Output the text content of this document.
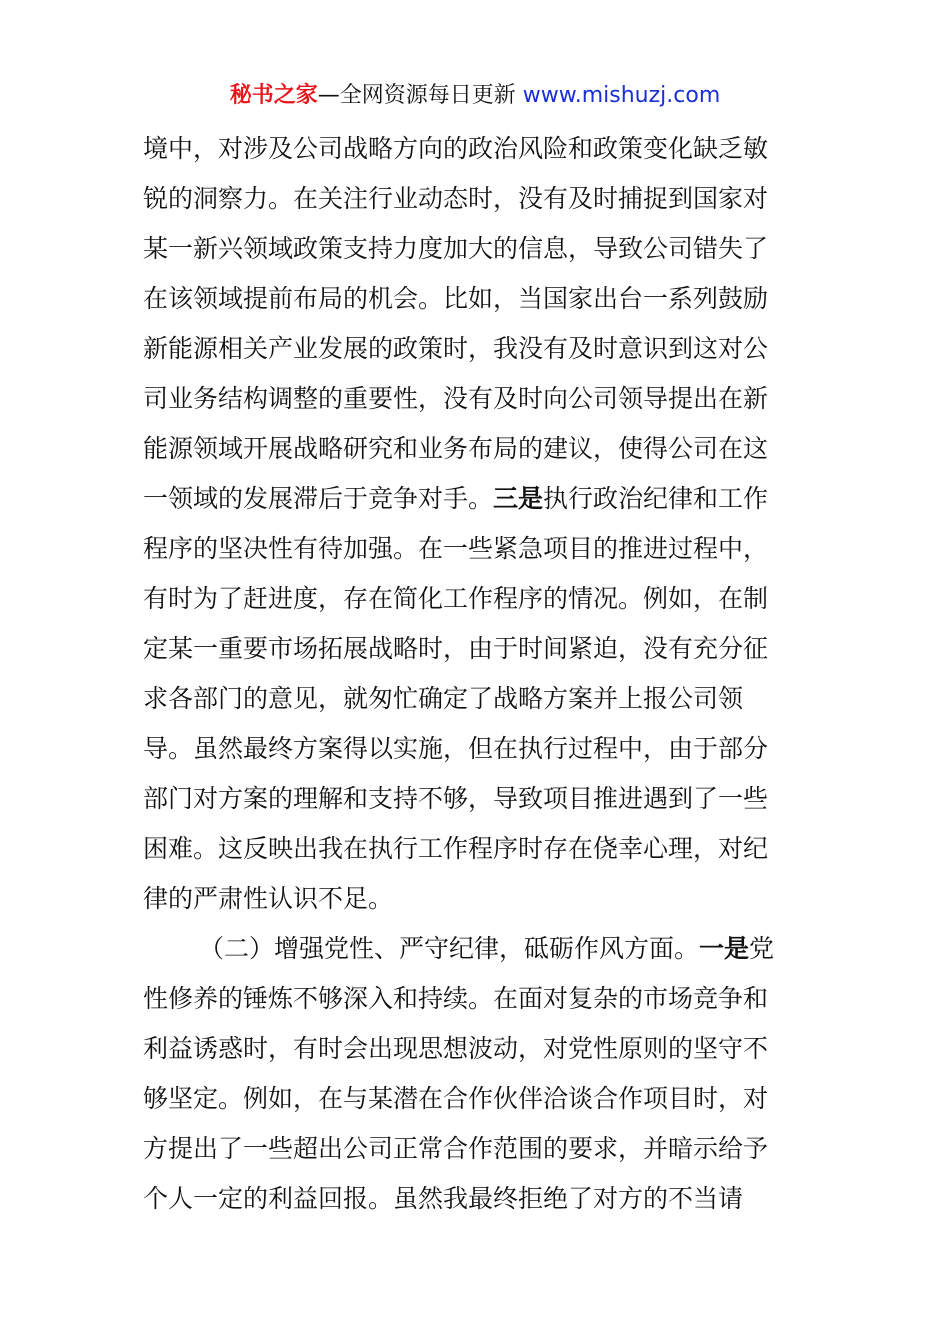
秘书之家—全网资源每日更新 www.mishuzj.com
境中，对涉及公司战略方向的政治风险和政策变化缺乏敏
锐的洞察力。在关注行业动态时，没有及时捕捉到国家对
某一新兴领域政策支持力度加大的信息，导致公司错失了
在该领域提前布局的机会。比如，当国家出台一系列鼓励
新能源相关产业发展的政策时，我没有及时意识到这对公
司业务结构调整的重要性，没有及时向公司领导提出在新
能源领域开展战略研究和业务布局的建议，使得公司在这
一领域的发展滞后于竞争对手。三是执行政治纪律和工作
程序的坚决性有待加强。在一些紧急项目的推进过程中，
有时为了赶进度，存在简化工作程序的情况。例如，在制
定某一重要市场拓展战略时，由于时间紧迫，没有充分征
求各部门的意见，就匆忙确定了战略方案并上报公司领
导。虽然最终方案得以实施，但在执行过程中，由于部分
部门对方案的理解和支持不够，导致项目推进遇到了一些
困难。这反映出我在执行工作程序时存在侥幸心理，对纪
律的严肃性认识不足。
（二）增强党性、严守纪律，砥砺作风方面。一是党
性修养的锤炼不够深入和持续。在面对复杂的市场竞争和
利益诱惑时，有时会出现思想波动，对党性原则的坚守不
够坚定。例如，在与某潜在合作伙伴洽谈合作项目时，对
方提出了一些超出公司正常合作范围的要求，并暗示给予
个人一定的利益回报。虽然我最终拒绝了对方的不当请
